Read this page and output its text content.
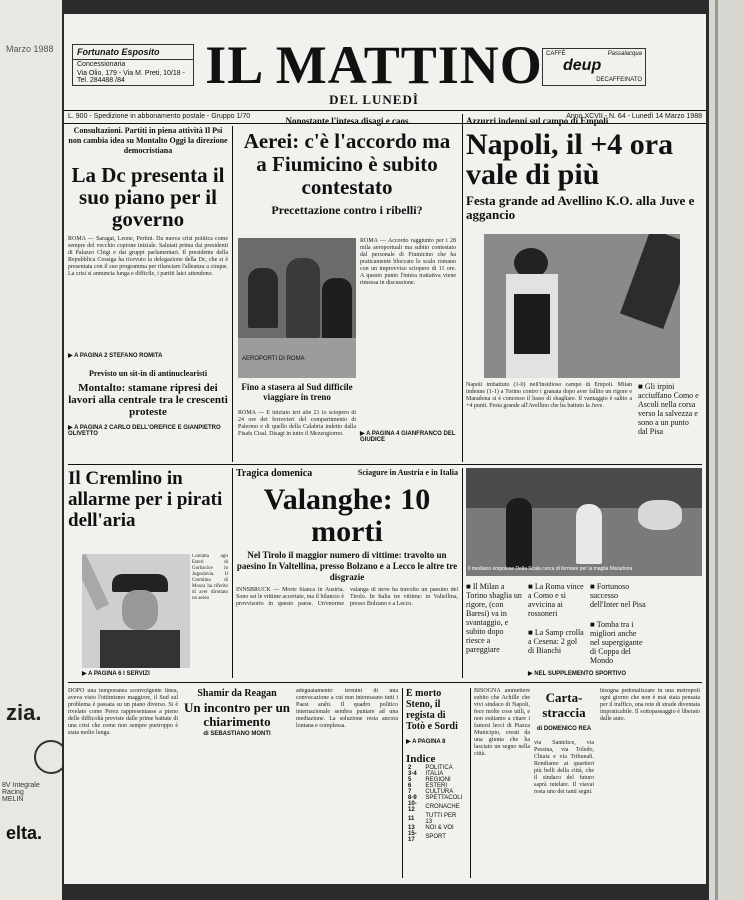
Marzo 1988
zia.
8V Integrale
Racing
MELIN
elta.
Fortunato Esposito
Concessionaria
Via Olio, 179 - Via M. Preti, 10/18 - Tel. 284488 /84	IL MATTINO
DEL LUNEDÌ
CAFFÈ	Passalacqua
deup
DECAFFEINATO
L. 900 - Spedizione in abbonamento postale - Gruppo 1/70	Anno XCVII - N. 64 - Lunedì 14 Marzo 1988
Consultazioni. Partiti in piena attività Il Psi non cambia idea su Montalto Oggi la direzione democristiana
La Dc presenta il suo piano per il governo
ROMA — Saragat, Leone, Pertini. Da nuova crisi politica come sempre del vecchio copione iniziale. Salutati prima dai presidenti di Palazzo Chigi e dai gruppi parlamentari. Il presidente della Repubblica Cossiga ha ricevuto la delegazione della Dc, che si è presentata con il suo programma per rilanciare l'alleanza a cinque. La crisi si annuncia lunga e difficile, i partiti laici attendono.
▶ A PAGINA 2 STEFANO ROMITA
Previsto un sit-in di antinuclearisti
Montalto: stamane ripresi dei lavori alla centrale tra le crescenti proteste
▶ A PAGINA 2 CARLO DELL'OREFICE E GIANPIETRO OLIVETTO
Nonostante l'intesa disagi e caos
Aerei: c'è l'accordo ma a Fiumicino è subito contestato
Precettazione contro i ribelli?
AEROPORTI DI ROMA
ROMA — Accordo raggiunto per i 28 mila aeroportuali ma subito contestato dal personale di Fiumicino che ha praticamente bloccato lo scalo romano con un improvviso sciopero di 11 ore. A questo punto l'intera trattativa viene rimessa in discussione.
Fino a stasera al Sud difficile viaggiare in treno
ROMA — È iniziato ieri alle 21 lo sciopero di 24 ore dei ferrovieri del compartimento di Palermo e di quello della Calabria indetto dalla Fisafs Cisal. Disagi in tutto il Mezzogiorno.	▶ A PAGINA 4 GIANFRANCO DEL GIUDICE
Azzurri indenni sul campo di Empoli
Napoli, il +4 ora vale di più
Festa grande ad Avellino K.O. alla Juve e aggancio
Napoli imbattuto (1-0) nell'insidioso campo di Empoli. Milan indenne (1-1) a Torino contro i granata dopo aver fallito un rigore e Maradona si è concesso il lusso di sbagliare. Il vantaggio è salito a +4 punti. Festa grande all'Avellino che ha battuto la Juve.
■ Gli irpini acciuffano Como e Ascoli nella corsa verso la salvezza e sono a un punto dal Pisa
Il Cremlino in allarme per i pirati dell'aria
Contatta agli Esteri di Gorbaciov in Jugoslavia. Il Cremlino di Mosca ha riferito di aver dirottato un aereo
▶ A PAGINA 6 I SERVIZI
Tragica domenica	Sciagure in Austria e in Italia
Valanghe: 10 morti
Nel Tirolo il maggior numero di vittime: travolto un paesino In Valtellina, presso Bolzano e a Lecco le altre tre disgrazie
INNSBRUCK — Morte bianca in Austria. Sono sei le vittime accertate, ma il bilancio è provvisorio in questo paese. Un'enorme valanga di neve ha travolto un paesino del Tirolo. In Italia tre vittime: in Valtellina, presso Bolzano e a Lecco.
Il mediano empolese Della Scala cerca di fermare per la maglia Maradona
■ Il Milan a Torino sbaglia un rigore, (con Baresi) va in svantaggio, e subito dopo riesce a pareggiare
■ La Roma vince a Como e si avvicina ai rossoneri
■ La Samp crolla a Cesena: 2 gol di Bianchi
■ Fortunoso successo dell'Inter nel Pisa
■ Tomba tra i migliori anche nel supergigante di Coppa del Mondo
▶ NEL SUPPLEMENTO SPORTIVO
DOPO una temporanea sconvolgente linea, aveva visto l'ottimismo maggiore, il Sud sul problema è passata su un piano diverso. Si è rivelato come Perez rappresentasse a pieno delle difficoltà previste dalle prime battute di una crisi che come non sempre purtroppo è stata molto lunga.
Shamir da Reagan
Un incontro per un chiarimento
di SEBASTIANO MONTI
adeguatamente: termini di una convocazione a cui non interessano tutti i Paesi arabi. Il quadro politico internazionale sembra puntare ad una mediazione. La soluzione resta ancora lontana e complessa.
È morto Steno, il regista di Totò e Sordi
▶ A PAGINA 8
Indice
2	POLITICA
3-4	ITALIA
5	REGIONI
6	ESTERI
7	CULTURA
8-9	SPETTACOLI
10-12	CRONACHE
11	TUTTI PER 13
13	NOI & VOI
15-17	SPORT
BISOGNA ammettere subito che Achille che vivi sindaco di Napoli, fece molte cose utili, e non esitiamo a citare i famosi lecci di Piazza Municipio, creati da una giunta che ha lasciato un segno nella città.
Carta-straccia
di DOMENICO REA
via Santelice, via Pessina, via Toledo, Chiaia e via Tribunali. Rendiamo ai quartieri più belli della città, che il sindaco del futuro saprà tutelare. Il viavai resta uno dei tanti segni.
bisogna pedonalizzare in una metropoli ogni giorno che non è mai stata pensata per il traffico, una rete di strade diventata impraticabile. Il sottopassaggio è liberato dalle auto.
